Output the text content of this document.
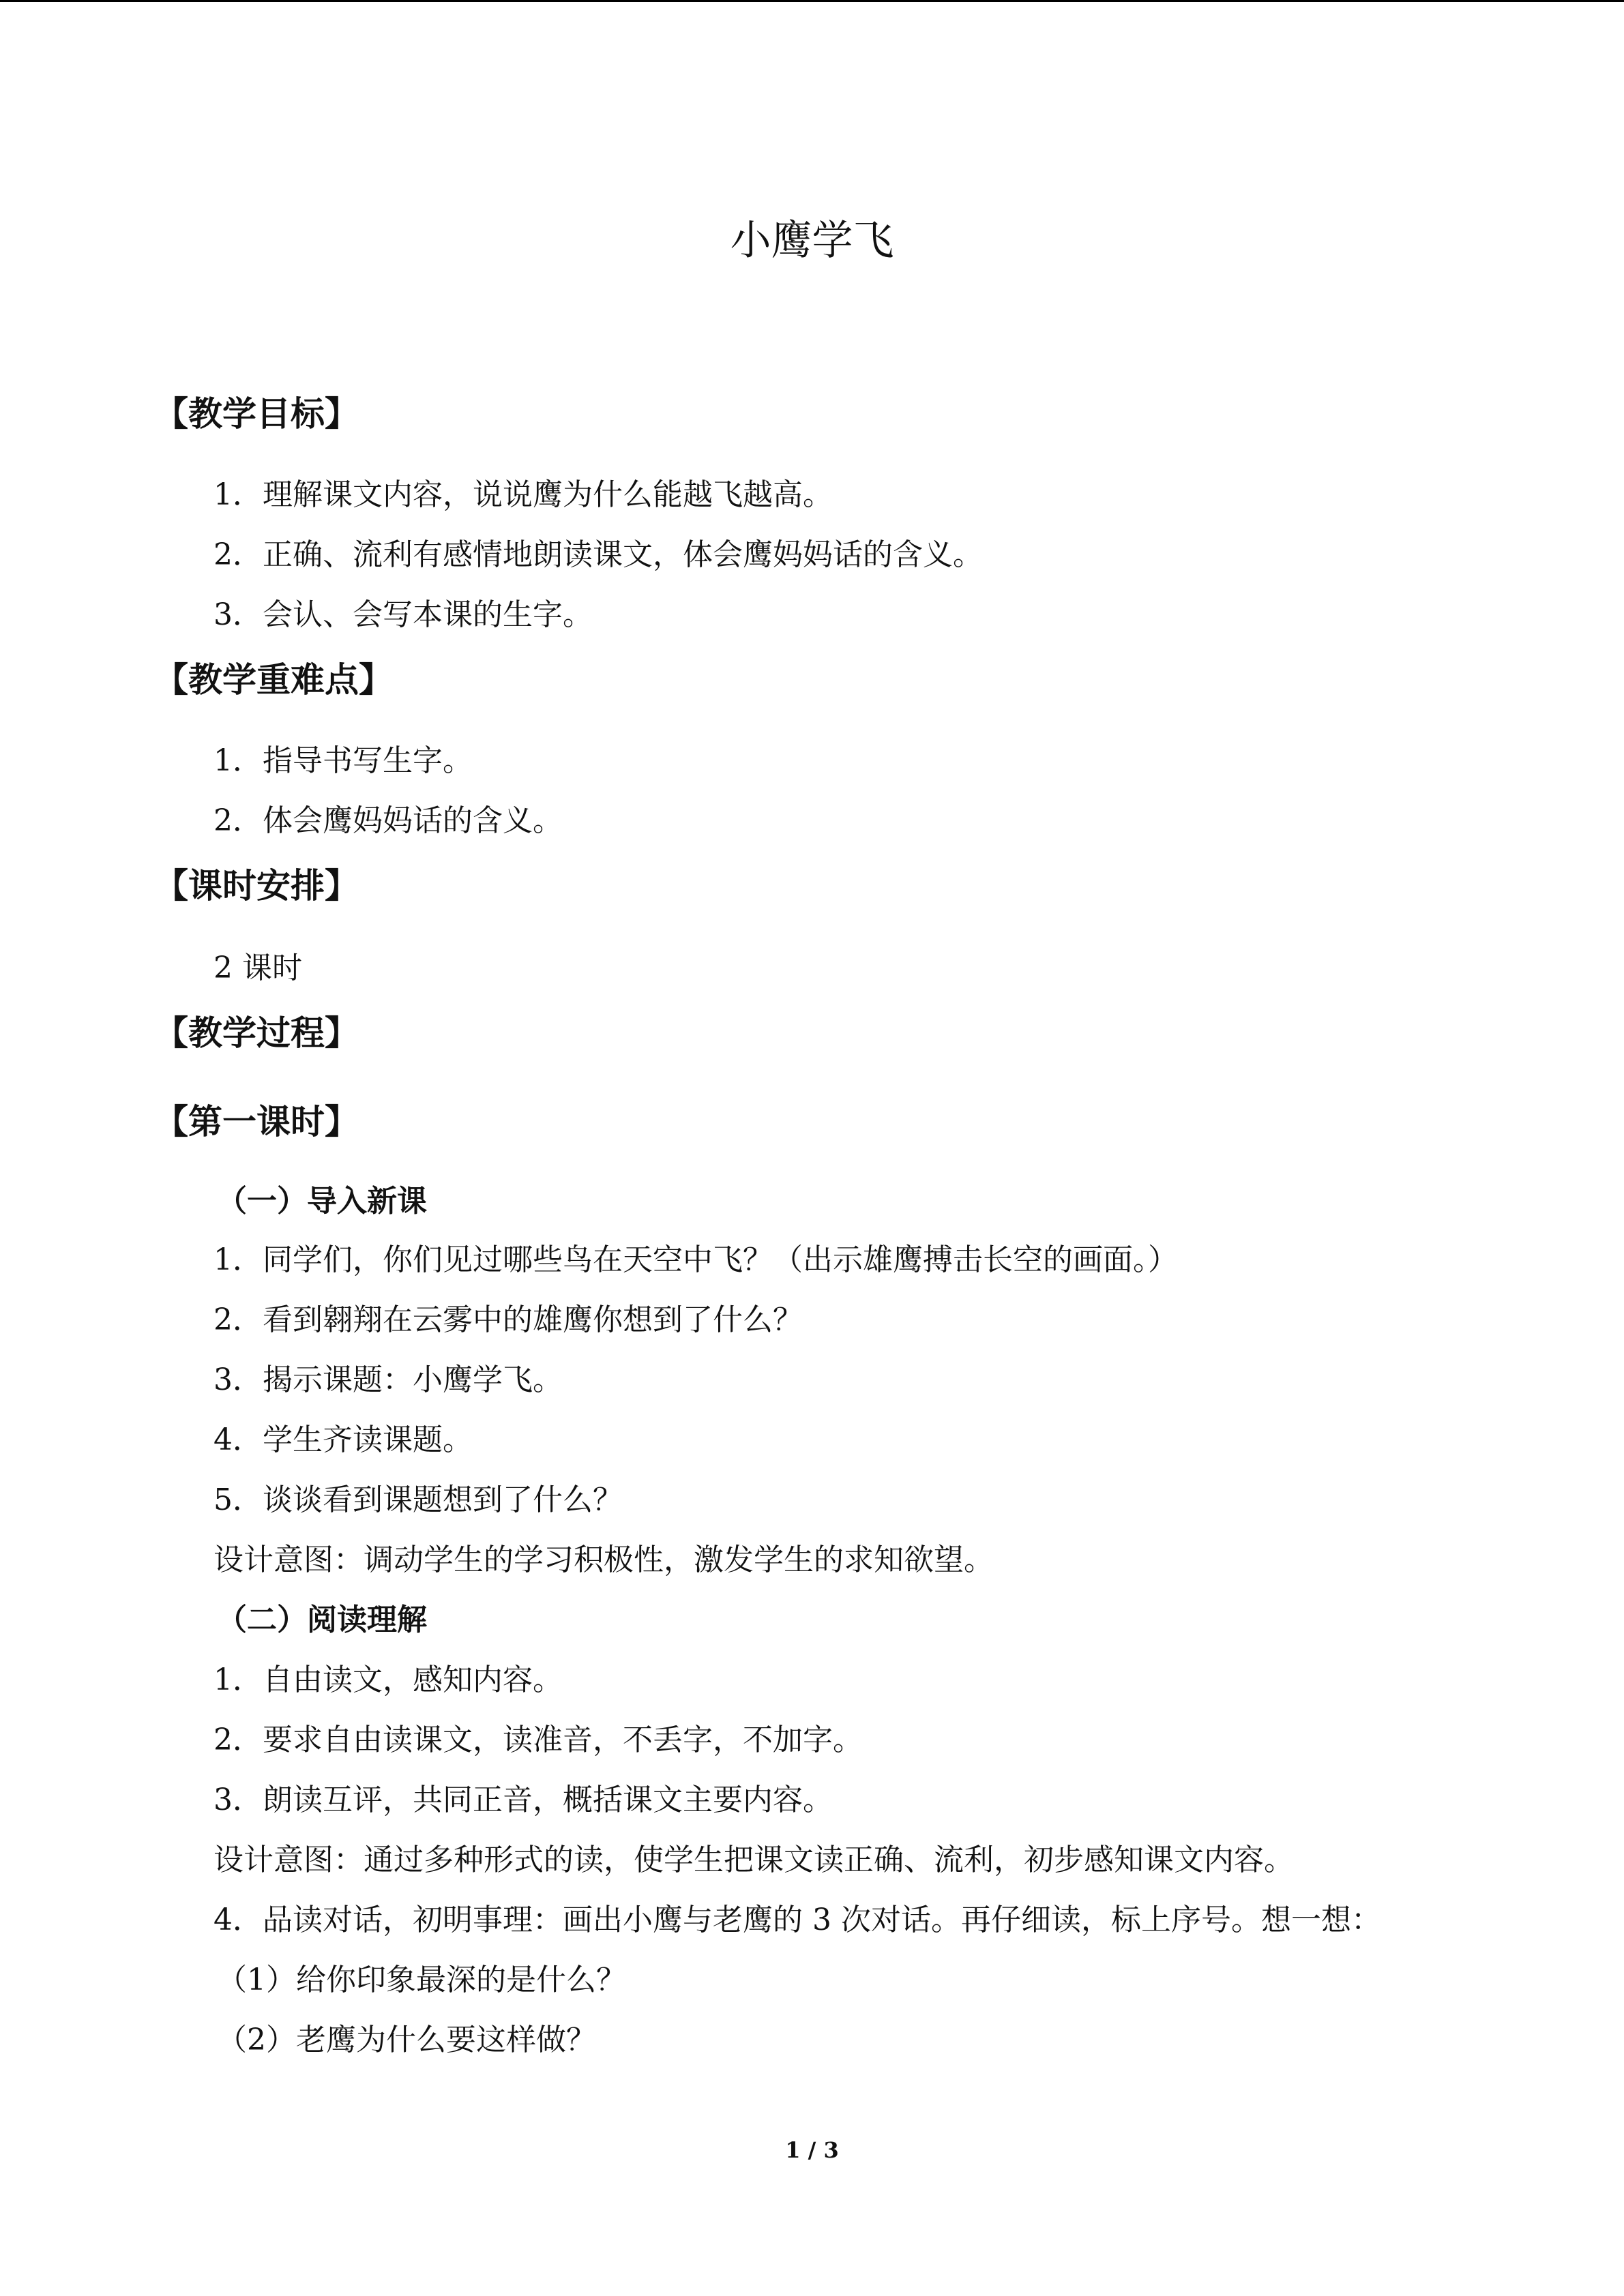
小鹰学飞
【教学目标】
1．理解课文内容，说说鹰为什么能越飞越高。
2．正确、流利有感情地朗读课文，体会鹰妈妈话的含义。
3．会认、会写本课的生字。
【教学重难点】
1．指导书写生字。
2．体会鹰妈妈话的含义。
【课时安排】
2 课时
【教学过程】
【第一课时】
（一）导入新课
1．同学们，你们见过哪些鸟在天空中飞？（出示雄鹰搏击长空的画面。）
2．看到翱翔在云雾中的雄鹰你想到了什么？
3．揭示课题：小鹰学飞。
4．学生齐读课题。
5．谈谈看到课题想到了什么？
设计意图：调动学生的学习积极性，激发学生的求知欲望。
（二）阅读理解
1．自由读文，感知内容。
2．要求自由读课文，读准音，不丢字，不加字。
3．朗读互评，共同正音，概括课文主要内容。
设计意图：通过多种形式的读，使学生把课文读正确、流利，初步感知课文内容。
4．品读对话，初明事理：画出小鹰与老鹰的 3 次对话。再仔细读，标上序号。想一想：
（1）给你印象最深的是什么？
（2）老鹰为什么要这样做？
1 / 3
